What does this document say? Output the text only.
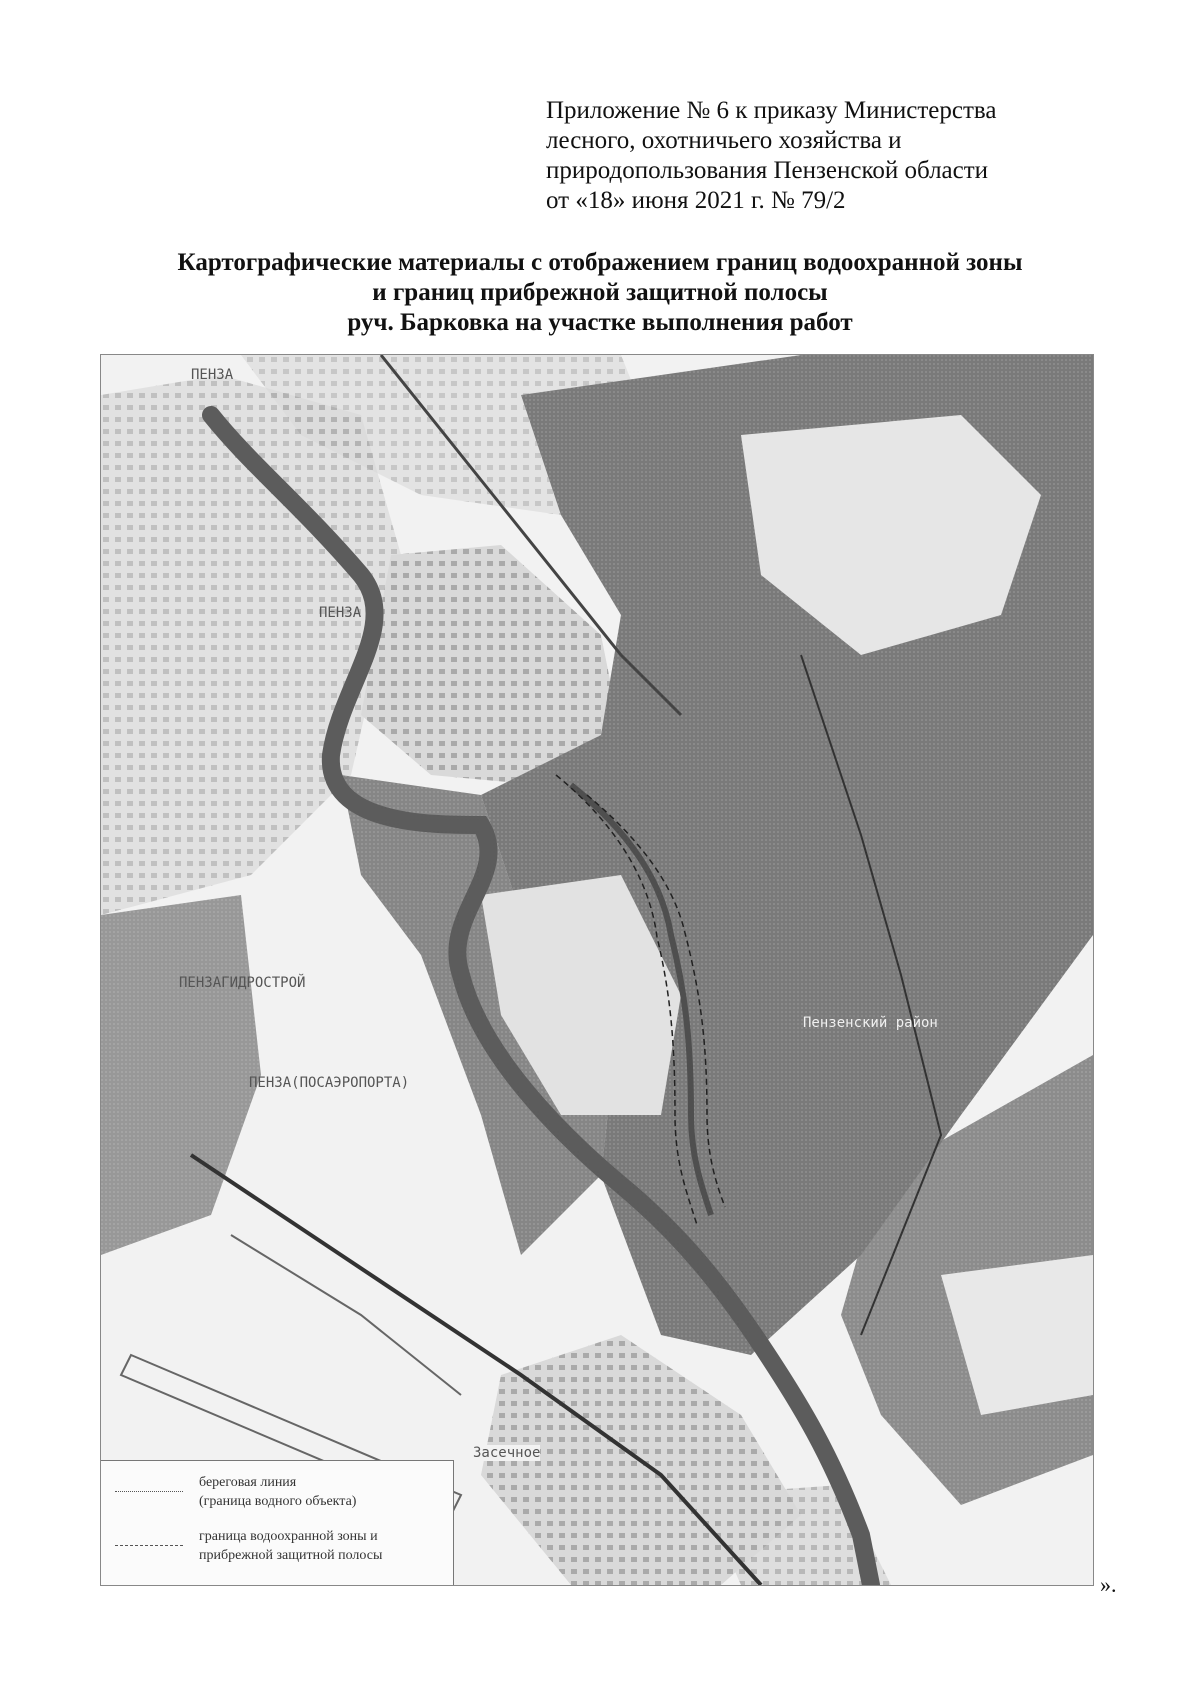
Приложение № 6 к приказу Министерства
лесного, охотничьего хозяйства и
природопользования Пензенской области
от «18» июня 2021 г. № 79/2
Картографические материалы с отображением границ водоохранной зоны
и границ прибрежной защитной полосы
руч. Барковка на участке выполнения работ
ПЕНЗА
ПЕНЗА
ПЕНЗАГИДРОСТРОЙ
ПЕНЗА(ПОСАЭРОПОРТА)
Пензенский район
Засечное
береговая линия
(граница водного объекта)
граница водоохранной зоны и
прибрежной защитной полосы
».
